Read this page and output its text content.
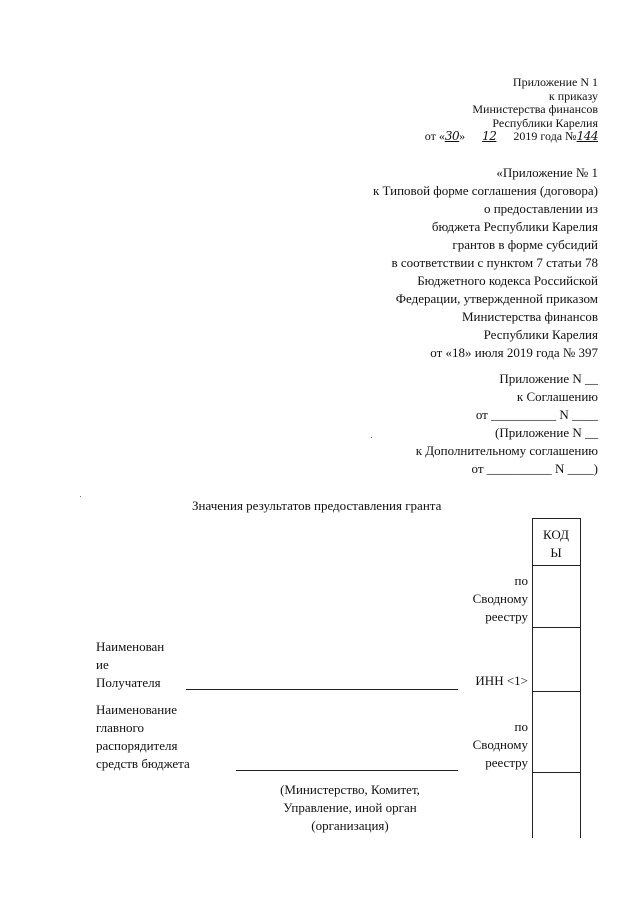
Приложение N 1
к приказу
Министерства финансов
Республики Карелия
от «30» 12 2019 года №144
«Приложение № 1
к Типовой форме соглашения (договора)
о предоставлении из
бюджета Республики Карелия
грантов в форме субсидий
в соответствии с пунктом 7 статьи 78
Бюджетного кодекса Российской
Федерации, утвержденной приказом
Министерства финансов
Республики Карелия
от «18» июля 2019 года № 397
Приложение N __
к Соглашению
от __________ N ____
(Приложение N __
к Дополнительному соглашению
от __________ N ____)
Значения результатов предоставления гранта
КОД
Ы
по
Сводному
реестру
Наименован
ие
Получателя	ИНН <1>
Наименование
главного
распорядителя
средств бюджета
по
Сводному
реестру
(Министерство, Комитет,
Управление, иной орган
(организация)
